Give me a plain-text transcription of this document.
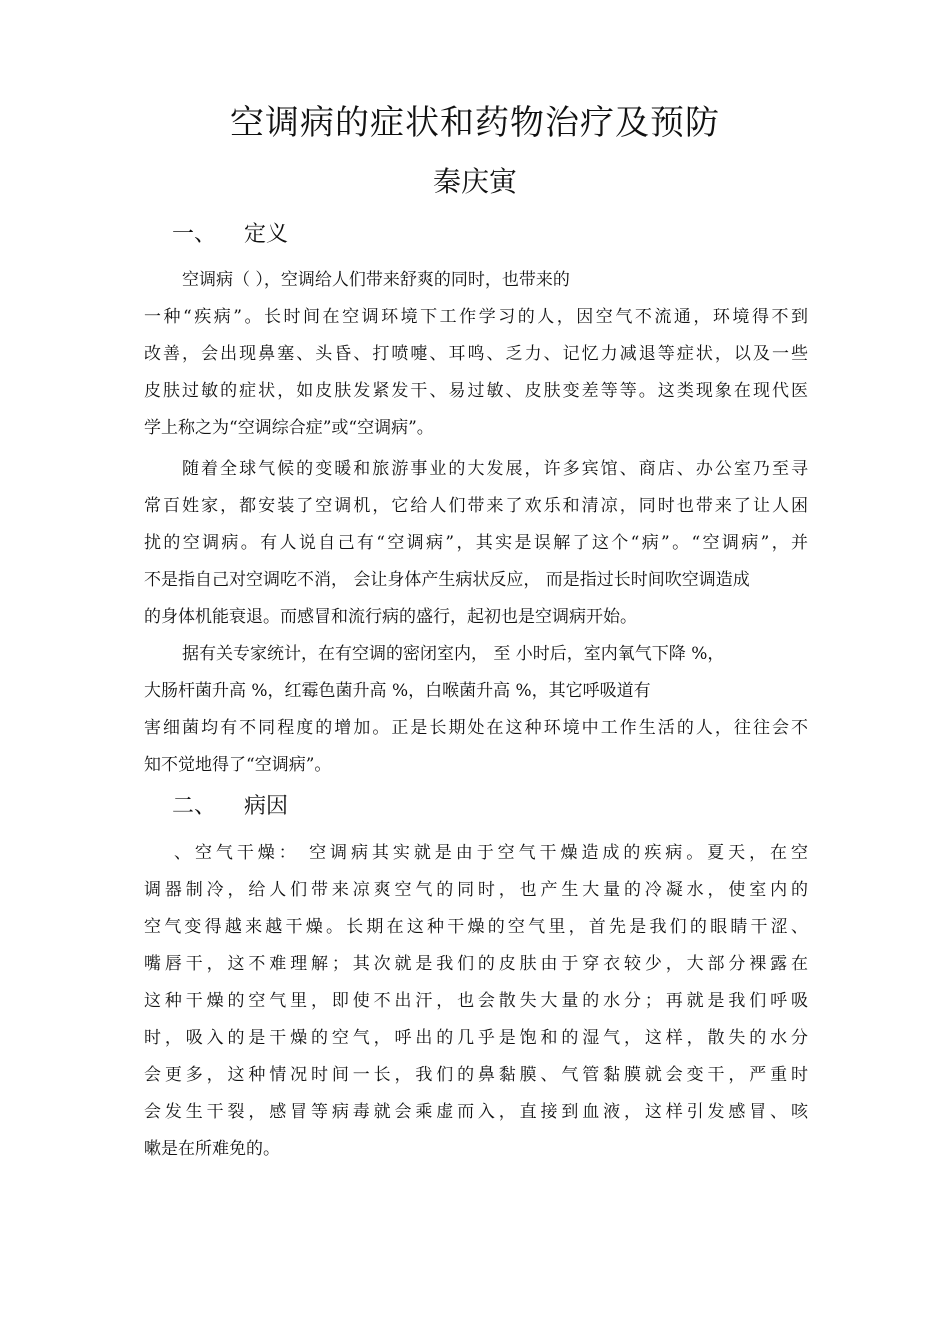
空调病的症状和药物治疗及预防
秦庆寅
一、 定义
空调病（ ），空调给人们带来舒爽的同时，也带来的
一种“疾病”。长时间在空调环境下工作学习的人，因空气不流通，环境得不到
改善，会出现鼻塞、头昏、打喷嚏、耳鸣、乏力、记忆力减退等症状，以及一些
皮肤过敏的症状，如皮肤发紧发干、易过敏、皮肤变差等等。这类现象在现代医
学上称之为“空调综合症”或“空调病”。
随着全球气候的变暖和旅游事业的大发展，许多宾馆、商店、办公室乃至寻
常百姓家，都安装了空调机，它给人们带来了欢乐和清凉，同时也带来了让人困
扰的空调病。有人说自己有“空调病”，其实是误解了这个“病”。“空调病”，并
不是指自己对空调吃不消， 会让身体产生病状反应， 而是指过长时间吹空调造成
的身体机能衰退。而感冒和流行病的盛行，起初也是空调病开始。
据有关专家统计，在有空调的密闭室内， 至 小时后，室内氧气下降 %，
大肠杆菌升高 %，红霉色菌升高 %，白喉菌升高 %，其它呼吸道有
害细菌均有不同程度的增加。正是长期处在这种环境中工作生活的人，往往会不
知不觉地得了“空调病”。
二、 病因
、空气干燥： 空调病其实就是由于空气干燥造成的疾病。夏天，在空
调器制冷，给人们带来凉爽空气的同时，也产生大量的冷凝水，使室内的
空气变得越来越干燥。长期在这种干燥的空气里，首先是我们的眼睛干涩、
嘴唇干，这不难理解；其次就是我们的皮肤由于穿衣较少，大部分裸露在
这种干燥的空气里，即使不出汗，也会散失大量的水分；再就是我们呼吸
时，吸入的是干燥的空气，呼出的几乎是饱和的湿气，这样，散失的水分
会更多，这种情况时间一长，我们的鼻黏膜、气管黏膜就会变干，严重时
会发生干裂，感冒等病毒就会乘虚而入，直接到血液，这样引发感冒、咳
嗽是在所难免的。
